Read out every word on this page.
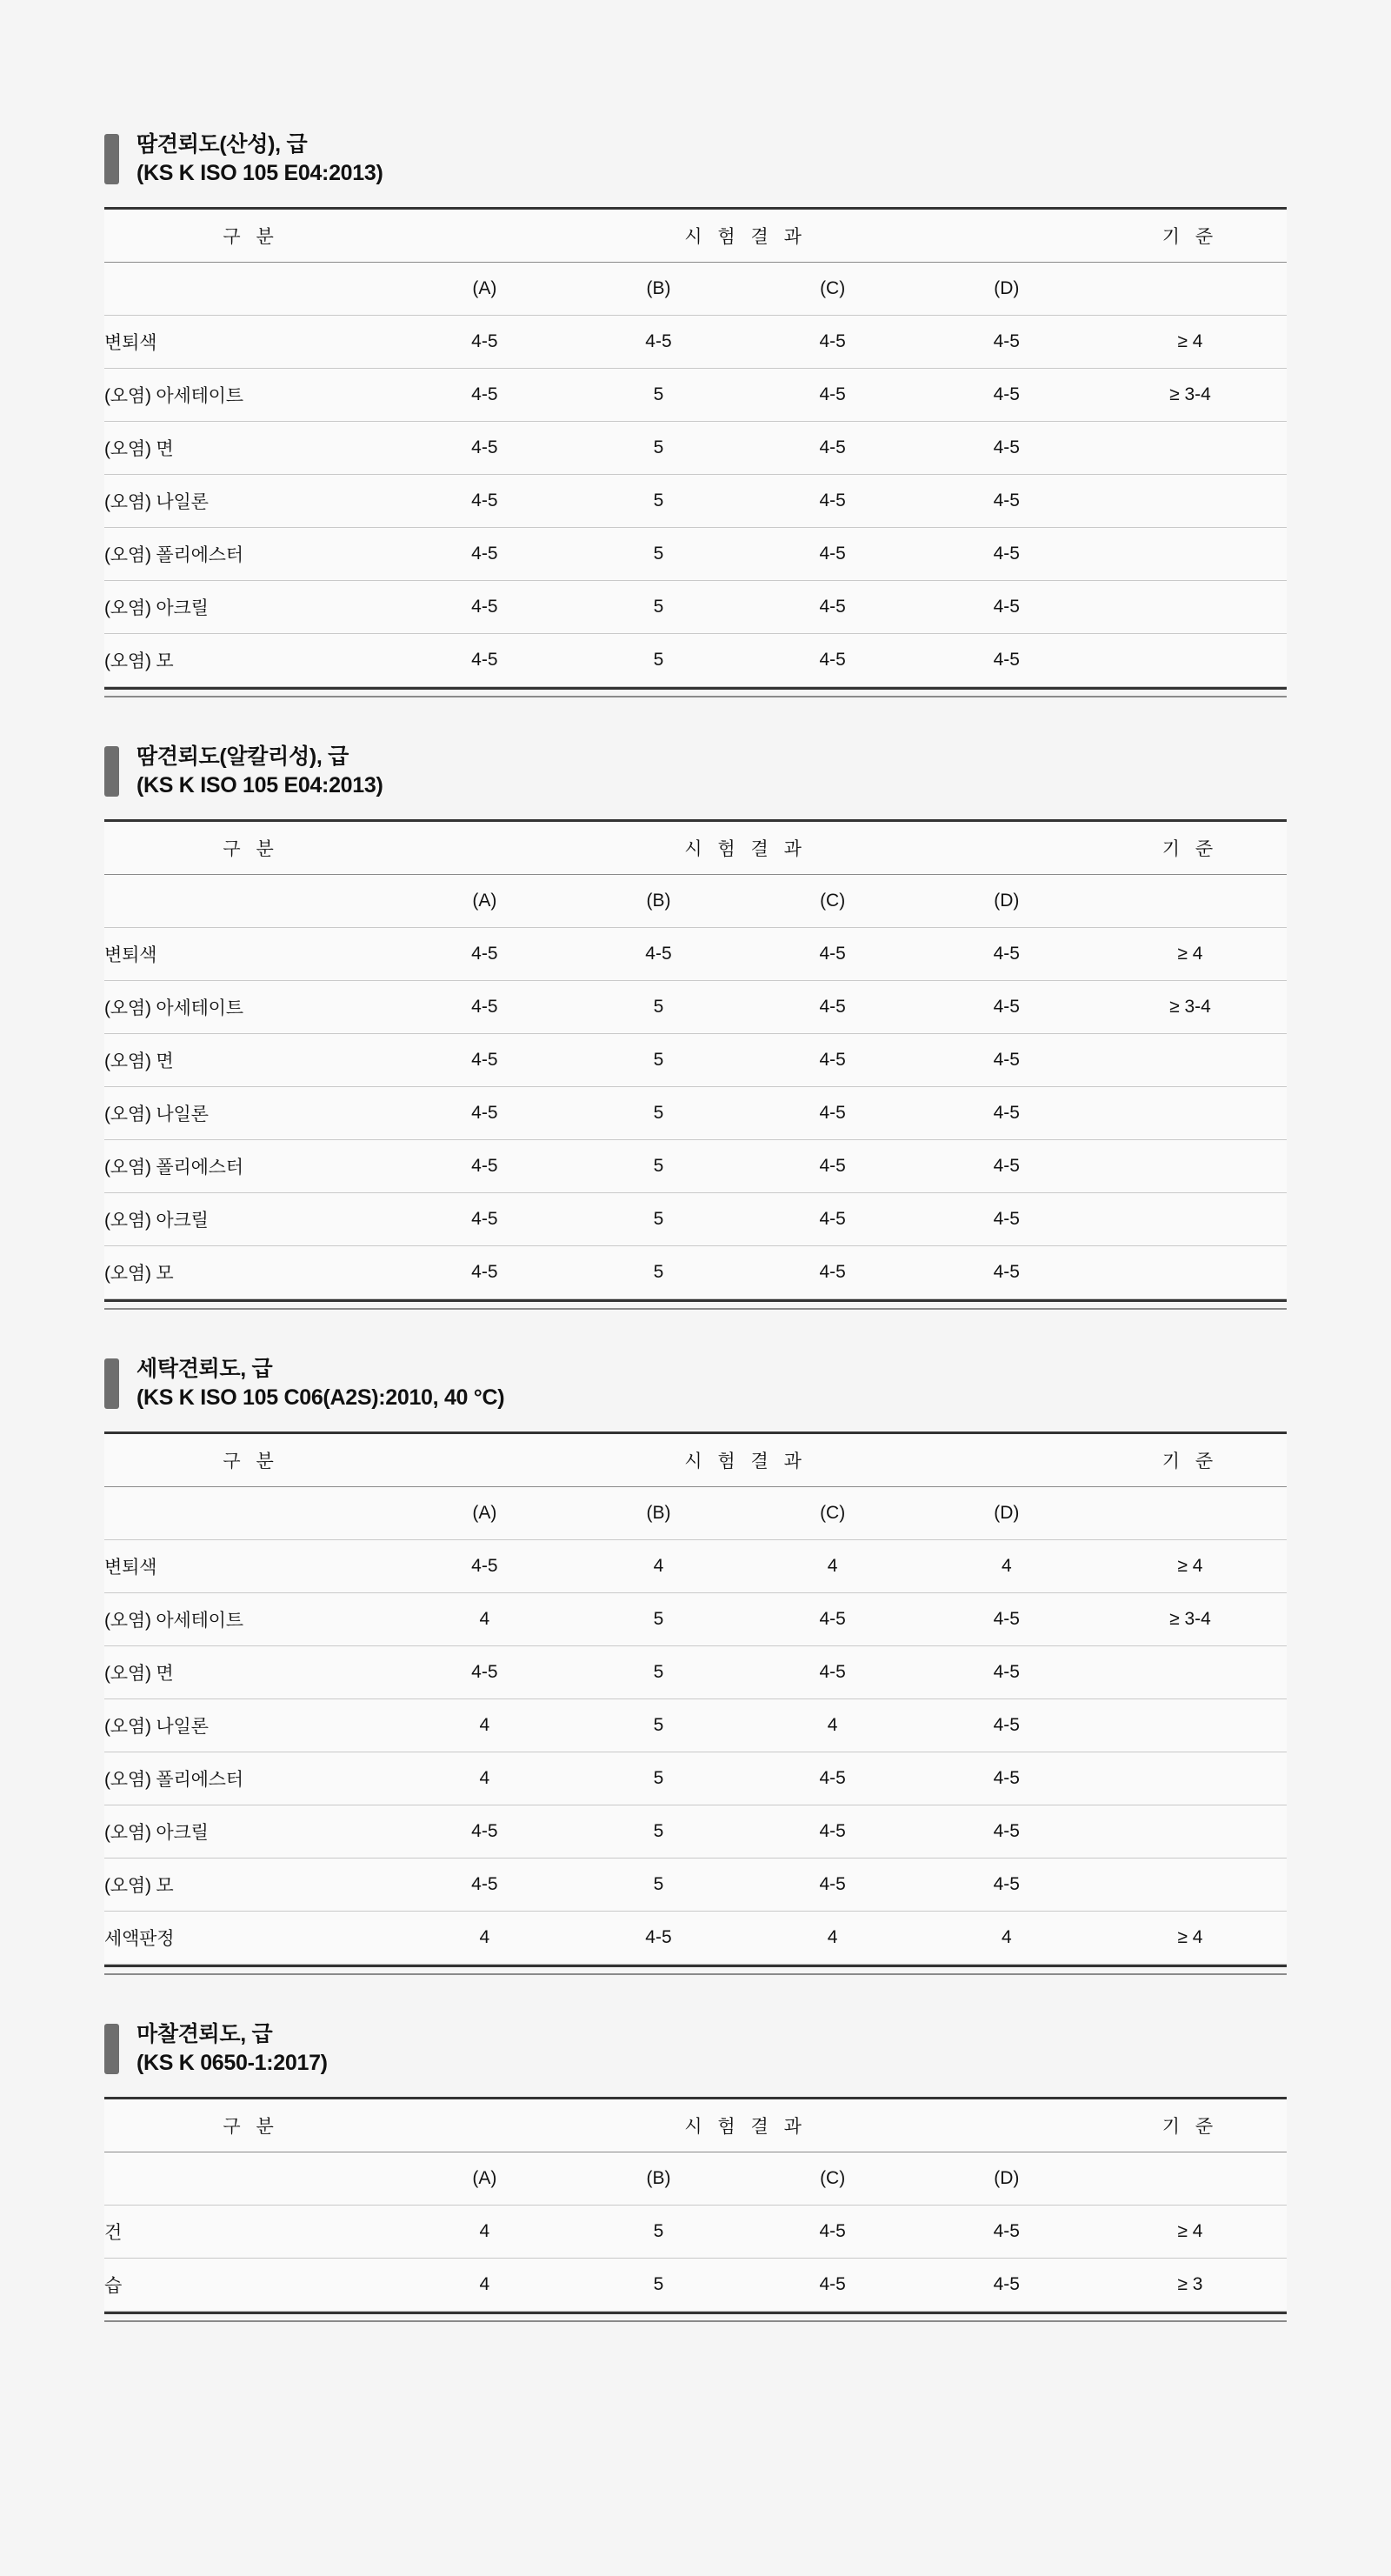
땀견뢰도(산성), 급
(KS K ISO 105 E04:2013)
구 분	시 험 결 과				기 준
	(A)	(B)	(C)	(D)	
변퇴색	4-5	4-5	4-5	4-5	≥ 4
(오염) 아세테이트	4-5	5	4-5	4-5	≥ 3-4
(오염) 면	4-5	5	4-5	4-5	
(오염) 나일론	4-5	5	4-5	4-5	
(오염) 폴리에스터	4-5	5	4-5	4-5	
(오염) 아크릴	4-5	5	4-5	4-5	
(오염) 모	4-5	5	4-5	4-5	
땀견뢰도(알칼리성), 급
(KS K ISO 105 E04:2013)
구 분	시 험 결 과				기 준
	(A)	(B)	(C)	(D)	
변퇴색	4-5	4-5	4-5	4-5	≥ 4
(오염) 아세테이트	4-5	5	4-5	4-5	≥ 3-4
(오염) 면	4-5	5	4-5	4-5	
(오염) 나일론	4-5	5	4-5	4-5	
(오염) 폴리에스터	4-5	5	4-5	4-5	
(오염) 아크릴	4-5	5	4-5	4-5	
(오염) 모	4-5	5	4-5	4-5	
세탁견뢰도, 급
(KS K ISO 105 C06(A2S):2010, 40 °C)
구 분	시 험 결 과				기 준
	(A)	(B)	(C)	(D)	
변퇴색	4-5	4	4	4	≥ 4
(오염) 아세테이트	4	5	4-5	4-5	≥ 3-4
(오염) 면	4-5	5	4-5	4-5	
(오염) 나일론	4	5	4	4-5	
(오염) 폴리에스터	4	5	4-5	4-5	
(오염) 아크릴	4-5	5	4-5	4-5	
(오염) 모	4-5	5	4-5	4-5	
세액판정	4	4-5	4	4	≥ 4
마찰견뢰도, 급
(KS K 0650-1:2017)
구 분	시 험 결 과				기 준
	(A)	(B)	(C)	(D)	
건	4	5	4-5	4-5	≥ 4
습	4	5	4-5	4-5	≥ 3
